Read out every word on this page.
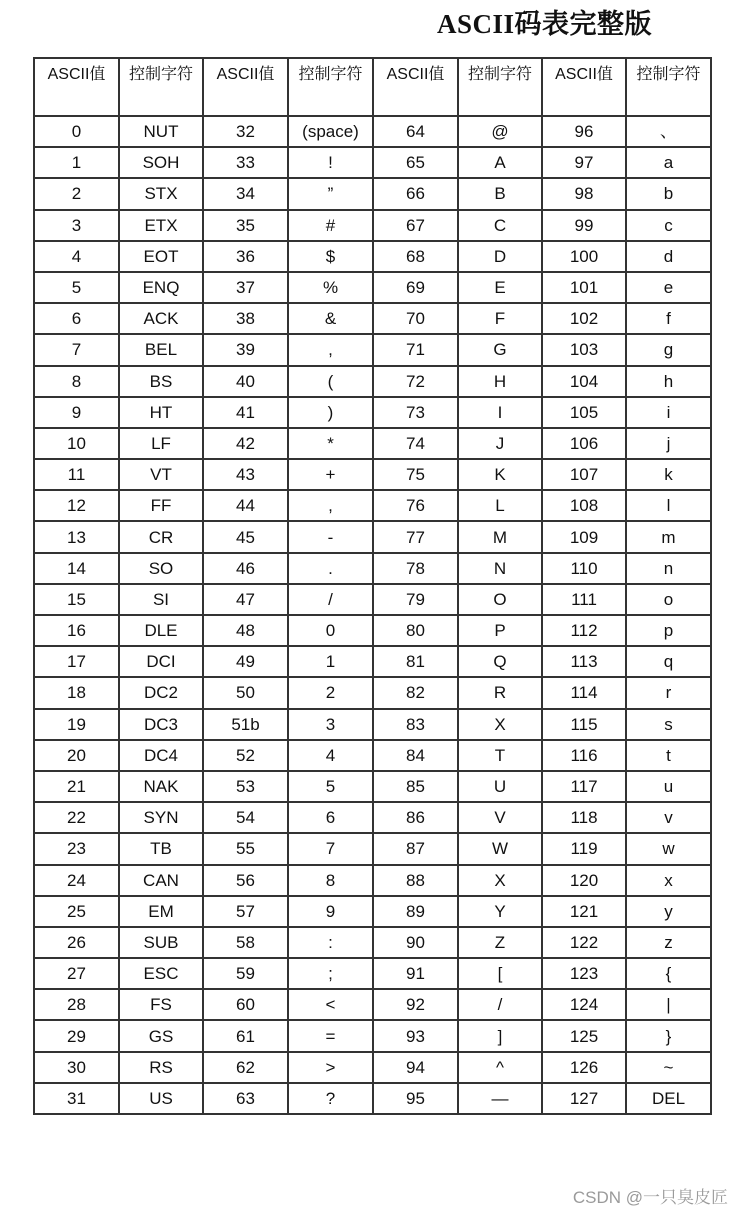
ASCII码表完整版
ASCII值	控制字符	ASCII值	控制字符	ASCII值	控制字符	ASCII值	控制字符
0	NUT	32	(space)	64	@	96	、
1	SOH	33	!	65	A	97	a
2	STX	34	”	66	B	98	b
3	ETX	35	#	67	C	99	c
4	EOT	36	$	68	D	100	d
5	ENQ	37	%	69	E	101	e
6	ACK	38	&	70	F	102	f
7	BEL	39	,	71	G	103	g
8	BS	40	(	72	H	104	h
9	HT	41	)	73	I	105	i
10	LF	42	*	74	J	106	j
11	VT	43	+	75	K	107	k
12	FF	44	,	76	L	108	l
13	CR	45	-	77	M	109	m
14	SO	46	.	78	N	110	n
15	SI	47	/	79	O	111	o
16	DLE	48	0	80	P	112	p
17	DCI	49	1	81	Q	113	q
18	DC2	50	2	82	R	114	r
19	DC3	51b	3	83	X	115	s
20	DC4	52	4	84	T	116	t
21	NAK	53	5	85	U	117	u
22	SYN	54	6	86	V	118	v
23	TB	55	7	87	W	119	w
24	CAN	56	8	88	X	120	x
25	EM	57	9	89	Y	121	y
26	SUB	58	:	90	Z	122	z
27	ESC	59	;	91	[	123	{
28	FS	60	<	92	/	124	|
29	GS	61	=	93	]	125	}
30	RS	62	>	94	^	126	~
31	US	63	?	95	—	127	DEL
CSDN @一只臭皮匠
